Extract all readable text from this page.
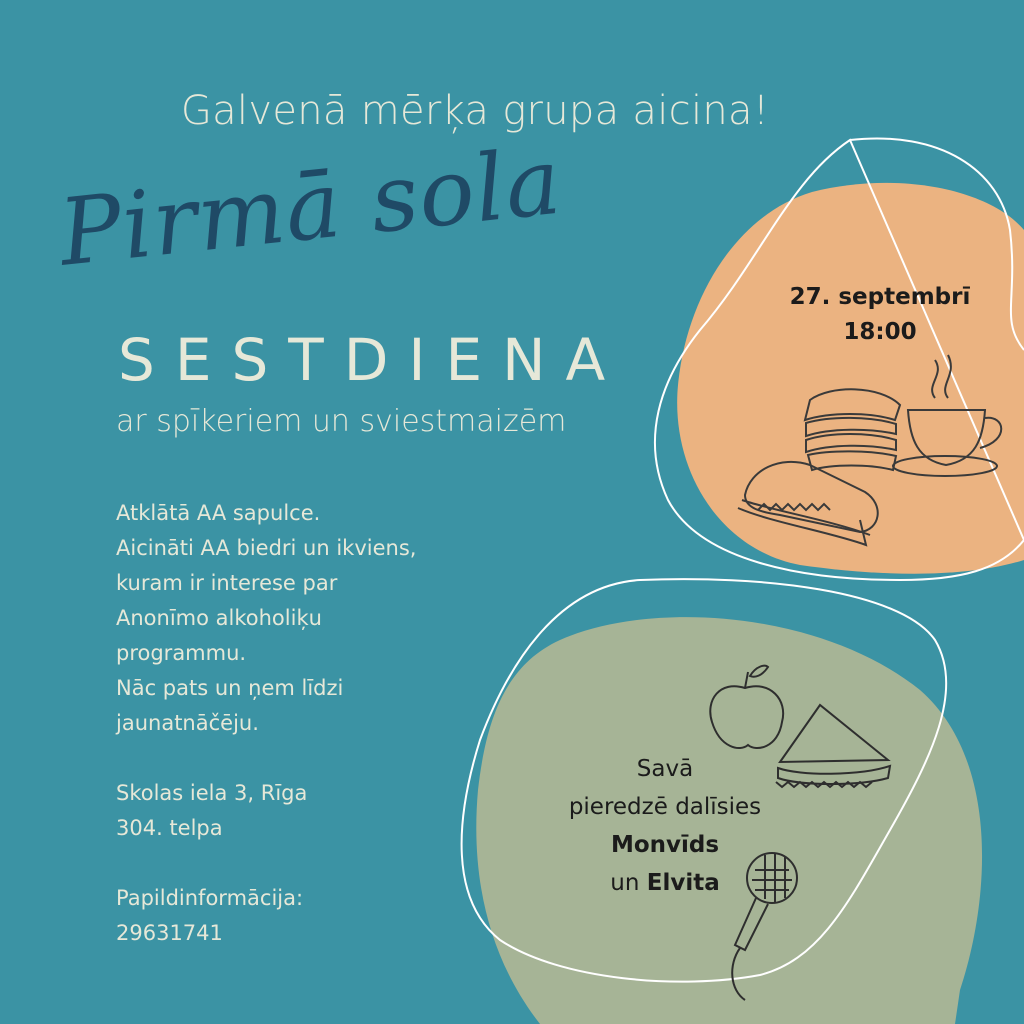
Galvenā mērķa grupa aicina!
Pirmā sola
SESTDIENA
ar spīkeriem un sviestmaizēm
Atklātā AA sapulce.
Aicināti AA biedri un ikviens,
kuram ir interese par
Anonīmo alkoholiķu
programmu.
Nāc pats un ņem līdzi
jaunatnāčēju.
Skolas iela 3, Rīga
304. telpa
Papildinformācija:
29631741
27. septembrī
18:00
Savā
pieredzē dalīsies
Monvīds
un Elvita
